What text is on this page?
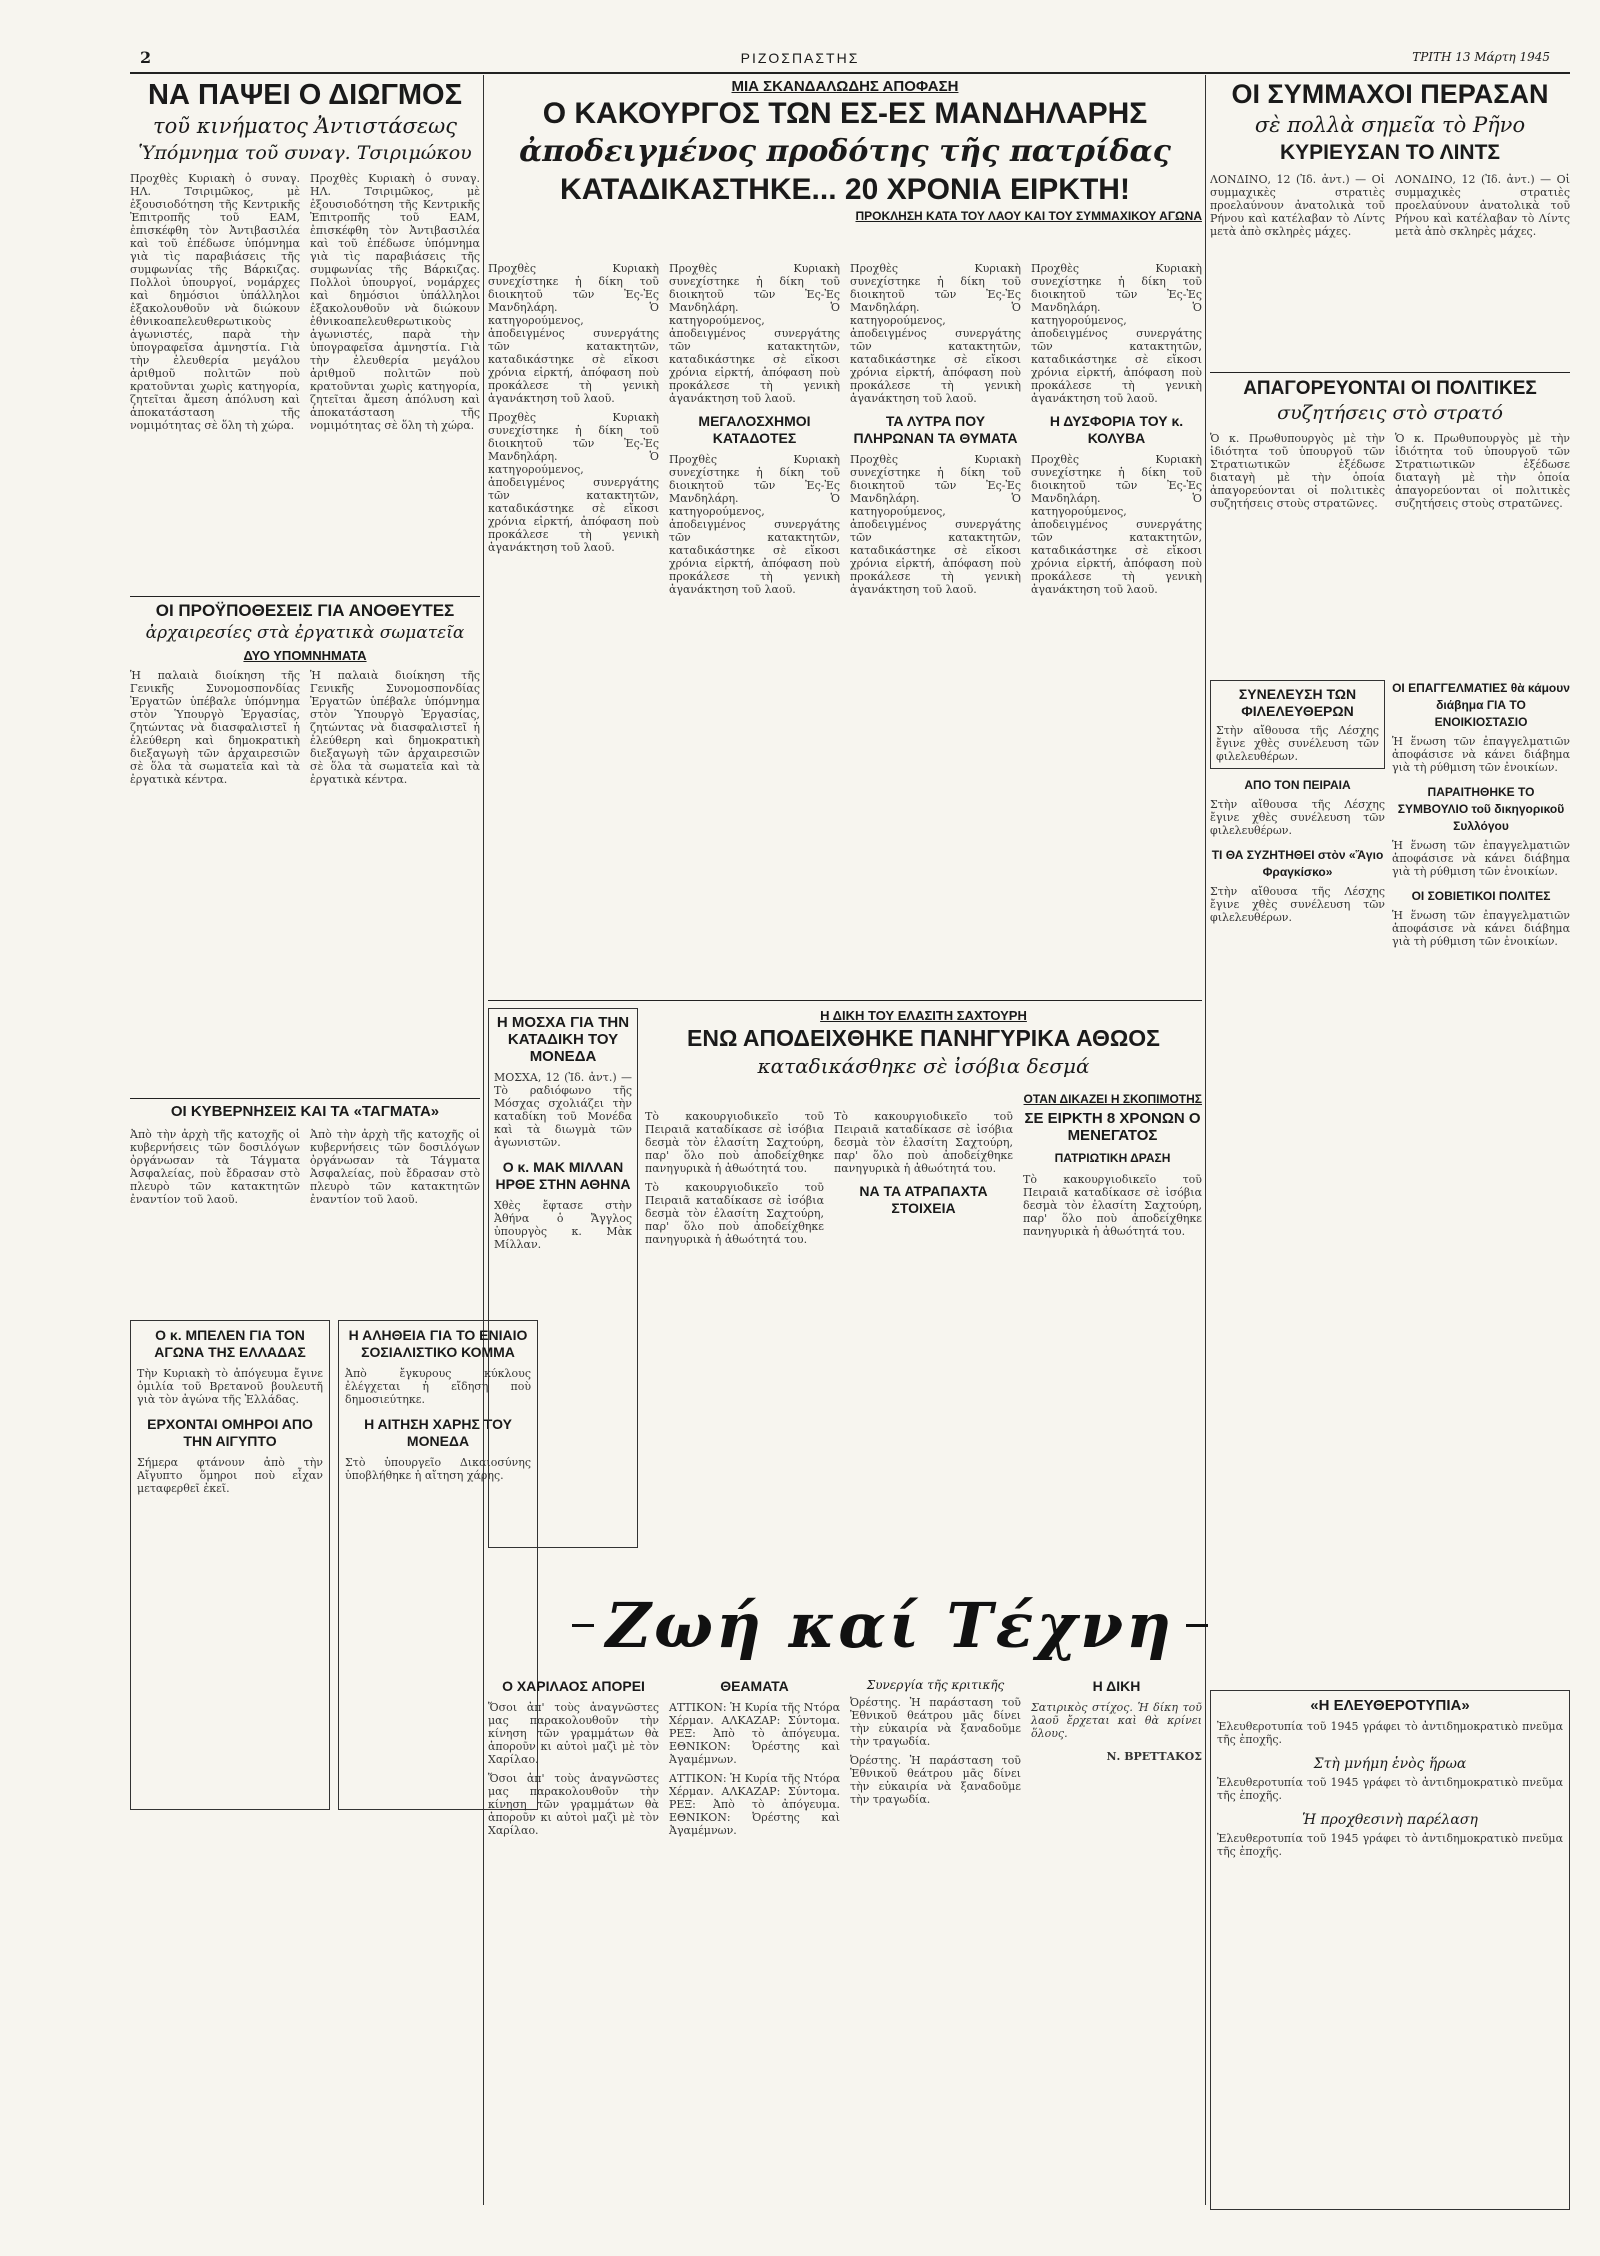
2	ΡΙΖΟΣΠΑΣΤΗΣ	ΤΡΙΤΗ 13 Μάρτη 1945

ΝΑ ΠΑΨΕΙ Ο ΔΙΩΓΜΟΣ

τοῦ κινήματος Ἀντιστάσεως

Ὑπόμνημα τοῦ συναγ. Τσιριμώκου

Προχθὲς Κυριακὴ ὁ συναγ. ΗΛ. Τσιριμῶκος, μὲ ἐξουσιοδότηση τῆς Κεντρικῆς Ἐπιτροπῆς τοῦ ΕΑΜ, ἐπισκέφθη τὸν Ἀντιβασιλέα καὶ τοῦ ἐπέδωσε ὑπόμνημα γιὰ τὶς παραβιάσεις τῆς συμφωνίας τῆς Βάρκιζας. Πολλοὶ ὑπουργοί, νομάρχες καὶ δημόσιοι ὑπάλληλοι ἐξακολουθοῦν νὰ διώκουν ἐθνικοαπελευθερωτικοὺς ἀγωνιστές, παρὰ τὴν ὑπογραφεῖσα ἀμνηστία. Γιὰ τὴν ἐλευθερία μεγάλου ἀριθμοῦ πολιτῶν ποὺ κρατοῦνται χωρὶς κατηγορία, ζητεῖται ἄμεση ἀπόλυση καὶ ἀποκατάσταση τῆς νομιμότητας σὲ ὅλη τὴ χώρα.

Προχθὲς Κυριακὴ ὁ συναγ. ΗΛ. Τσιριμῶκος, μὲ ἐξουσιοδότηση τῆς Κεντρικῆς Ἐπιτροπῆς τοῦ ΕΑΜ, ἐπισκέφθη τὸν Ἀντιβασιλέα καὶ τοῦ ἐπέδωσε ὑπόμνημα γιὰ τὶς παραβιάσεις τῆς συμφωνίας τῆς Βάρκιζας. Πολλοὶ ὑπουργοί, νομάρχες καὶ δημόσιοι ὑπάλληλοι ἐξακολουθοῦν νὰ διώκουν ἐθνικοαπελευθερωτικοὺς ἀγωνιστές, παρὰ τὴν ὑπογραφεῖσα ἀμνηστία. Γιὰ τὴν ἐλευθερία μεγάλου ἀριθμοῦ πολιτῶν ποὺ κρατοῦνται χωρὶς κατηγορία, ζητεῖται ἄμεση ἀπόλυση καὶ ἀποκατάσταση τῆς νομιμότητας σὲ ὅλη τὴ χώρα.

ΟΙ ΠΡΟΫΠΟΘΕΣΕΙΣ ΓΙΑ ΑΝΟΘΕΥΤΕΣ

ἀρχαιρεσίες στὰ ἐργατικὰ σωματεῖα

ΔΥΟ ΥΠΟΜΝΗΜΑΤΑ

Ἡ παλαιὰ διοίκηση τῆς Γενικῆς Συνομοσπονδίας Ἐργατῶν ὑπέβαλε ὑπόμνημα στὸν Ὑπουργὸ Ἐργασίας, ζητώντας νὰ διασφαλιστεῖ ἡ ἐλεύθερη καὶ δημοκρατικὴ διεξαγωγὴ τῶν ἀρχαιρεσιῶν σὲ ὅλα τὰ σωματεῖα καὶ τὰ ἐργατικὰ κέντρα.

Ἡ παλαιὰ διοίκηση τῆς Γενικῆς Συνομοσπονδίας Ἐργατῶν ὑπέβαλε ὑπόμνημα στὸν Ὑπουργὸ Ἐργασίας, ζητώντας νὰ διασφαλιστεῖ ἡ ἐλεύθερη καὶ δημοκρατικὴ διεξαγωγὴ τῶν ἀρχαιρεσιῶν σὲ ὅλα τὰ σωματεῖα καὶ τὰ ἐργατικὰ κέντρα.

ΟΙ ΚΥΒΕΡΝΗΣΕΙΣ ΚΑΙ ΤΑ «ΤΑΓΜΑΤΑ»

Ἀπὸ τὴν ἀρχὴ τῆς κατοχῆς οἱ κυβερνήσεις τῶν δοσιλόγων ὀργάνωσαν τὰ Τάγματα Ἀσφαλείας, ποὺ ἔδρασαν στὸ πλευρὸ τῶν κατακτητῶν ἐναντίον τοῦ λαοῦ.

Ἀπὸ τὴν ἀρχὴ τῆς κατοχῆς οἱ κυβερνήσεις τῶν δοσιλόγων ὀργάνωσαν τὰ Τάγματα Ἀσφαλείας, ποὺ ἔδρασαν στὸ πλευρὸ τῶν κατακτητῶν ἐναντίον τοῦ λαοῦ.

Ο κ. ΜΠΕΛΕΝ ΓΙΑ ΤΟΝ ΑΓΩΝΑ ΤΗΣ ΕΛΛΑΔΑΣ

Τὴν Κυριακὴ τὸ ἀπόγευμα ἔγινε ὁμιλία τοῦ Βρετανοῦ βουλευτῆ γιὰ τὸν ἀγώνα τῆς Ἑλλάδας.

ΕΡΧΟΝΤΑΙ ΟΜΗΡΟΙ ΑΠΟ ΤΗΝ ΑΙΓΥΠΤΟ

Σήμερα φτάνουν ἀπὸ τὴν Αἴγυπτο ὅμηροι ποὺ εἶχαν μεταφερθεῖ ἐκεῖ.

Η ΑΛΗΘΕΙΑ ΓΙΑ ΤΟ ΕΝΙΑΙΟ ΣΟΣΙΑΛΙΣΤΙΚΟ ΚΟΜΜΑ

Ἀπὸ ἔγκυρους κύκλους ἐλέγχεται ἡ εἴδηση ποὺ δημοσιεύτηκε.

Η ΑΙΤΗΣΗ ΧΑΡΗΣ ΤΟΥ ΜΟΝΕΔΑ

Στὸ ὑπουργεῖο Δικαιοσύνης ὑποβλήθηκε ἡ αἴτηση χάρης.

ΜΙΑ ΣΚΑΝΔΑΛΩΔΗΣ ΑΠΟΦΑΣΗ

Ο ΚΑΚΟΥΡΓΟΣ ΤΩΝ ΕΣ-ΕΣ ΜΑΝΔΗΛΑΡΗΣ

ἀποδειγμένος προδότης τῆς πατρίδας

ΚΑΤΑΔΙΚΑΣΤΗΚΕ... 20 ΧΡΟΝΙΑ ΕΙΡΚΤΗ!

ΠΡΟΚΛΗΣΗ ΚΑΤΑ ΤΟΥ ΛΑΟΥ ΚΑΙ ΤΟΥ ΣΥΜΜΑΧΙΚΟΥ ΑΓΩΝΑ

Προχθὲς Κυριακὴ συνεχίστηκε ἡ δίκη τοῦ διοικητοῦ τῶν Ἐς-Ἐς Μανδηλάρη. Ὁ κατηγορούμενος, ἀποδειγμένος συνεργάτης τῶν κατακτητῶν, καταδικάστηκε σὲ εἴκοσι χρόνια εἱρκτή, ἀπόφαση ποὺ προκάλεσε τὴ γενικὴ ἀγανάκτηση τοῦ λαοῦ.

Προχθὲς Κυριακὴ συνεχίστηκε ἡ δίκη τοῦ διοικητοῦ τῶν Ἐς-Ἐς Μανδηλάρη. Ὁ κατηγορούμενος, ἀποδειγμένος συνεργάτης τῶν κατακτητῶν, καταδικάστηκε σὲ εἴκοσι χρόνια εἱρκτή, ἀπόφαση ποὺ προκάλεσε τὴ γενικὴ ἀγανάκτηση τοῦ λαοῦ.

Προχθὲς Κυριακὴ συνεχίστηκε ἡ δίκη τοῦ διοικητοῦ τῶν Ἐς-Ἐς Μανδηλάρη. Ὁ κατηγορούμενος, ἀποδειγμένος συνεργάτης τῶν κατακτητῶν, καταδικάστηκε σὲ εἴκοσι χρόνια εἱρκτή, ἀπόφαση ποὺ προκάλεσε τὴ γενικὴ ἀγανάκτηση τοῦ λαοῦ.

ΜΕΓΑΛΟΣΧΗΜΟΙ ΚΑΤΑΔΟΤΕΣ

Προχθὲς Κυριακὴ συνεχίστηκε ἡ δίκη τοῦ διοικητοῦ τῶν Ἐς-Ἐς Μανδηλάρη. Ὁ κατηγορούμενος, ἀποδειγμένος συνεργάτης τῶν κατακτητῶν, καταδικάστηκε σὲ εἴκοσι χρόνια εἱρκτή, ἀπόφαση ποὺ προκάλεσε τὴ γενικὴ ἀγανάκτηση τοῦ λαοῦ.

Προχθὲς Κυριακὴ συνεχίστηκε ἡ δίκη τοῦ διοικητοῦ τῶν Ἐς-Ἐς Μανδηλάρη. Ὁ κατηγορούμενος, ἀποδειγμένος συνεργάτης τῶν κατακτητῶν, καταδικάστηκε σὲ εἴκοσι χρόνια εἱρκτή, ἀπόφαση ποὺ προκάλεσε τὴ γενικὴ ἀγανάκτηση τοῦ λαοῦ.

ΤΑ ΛΥΤΡΑ ΠΟΥ ΠΛΗΡΩΝΑΝ ΤΑ ΘΥΜΑΤΑ

Προχθὲς Κυριακὴ συνεχίστηκε ἡ δίκη τοῦ διοικητοῦ τῶν Ἐς-Ἐς Μανδηλάρη. Ὁ κατηγορούμενος, ἀποδειγμένος συνεργάτης τῶν κατακτητῶν, καταδικάστηκε σὲ εἴκοσι χρόνια εἱρκτή, ἀπόφαση ποὺ προκάλεσε τὴ γενικὴ ἀγανάκτηση τοῦ λαοῦ.

Προχθὲς Κυριακὴ συνεχίστηκε ἡ δίκη τοῦ διοικητοῦ τῶν Ἐς-Ἐς Μανδηλάρη. Ὁ κατηγορούμενος, ἀποδειγμένος συνεργάτης τῶν κατακτητῶν, καταδικάστηκε σὲ εἴκοσι χρόνια εἱρκτή, ἀπόφαση ποὺ προκάλεσε τὴ γενικὴ ἀγανάκτηση τοῦ λαοῦ.

Η ΔΥΣΦΟΡΙΑ ΤΟΥ κ. ΚΟΛΥΒΑ

Προχθὲς Κυριακὴ συνεχίστηκε ἡ δίκη τοῦ διοικητοῦ τῶν Ἐς-Ἐς Μανδηλάρη. Ὁ κατηγορούμενος, ἀποδειγμένος συνεργάτης τῶν κατακτητῶν, καταδικάστηκε σὲ εἴκοσι χρόνια εἱρκτή, ἀπόφαση ποὺ προκάλεσε τὴ γενικὴ ἀγανάκτηση τοῦ λαοῦ.

Η ΜΟΣΧΑ ΓΙΑ ΤΗΝ ΚΑΤΑΔΙΚΗ ΤΟΥ ΜΟΝΕΔΑ

ΜΟΣΧΑ, 12 (Ἰδ. ἀντ.) — Τὸ ραδιόφωνο τῆς Μόσχας σχολιάζει τὴν καταδίκη τοῦ Μονέδα καὶ τὰ διωγμὰ τῶν ἀγωνιστῶν.

Ο κ. ΜΑΚ ΜΙΛΛΑΝ ΗΡΘΕ ΣΤΗΝ ΑΘΗΝΑ

Χθὲς ἔφτασε στὴν Ἀθήνα ὁ Ἄγγλος ὑπουργὸς κ. Μὰκ Μίλλαν.

Η ΔΙΚΗ ΤΟΥ ΕΛΑΣΙΤΗ ΣΑΧΤΟΥΡΗ

ΕΝΩ ΑΠΟΔΕΙΧΘΗΚΕ ΠΑΝΗΓΥΡΙΚΑ ΑΘΩΟΣ

καταδικάσθηκε σὲ ἰσόβια δεσμά

ΟΤΑΝ ΔΙΚΑΖΕΙ Η ΣΚΟΠΙΜΟΤΗΣ

Τὸ κακουργιοδικεῖο τοῦ Πειραιᾶ καταδίκασε σὲ ἰσόβια δεσμὰ τὸν ἐλασίτη Σαχτούρη, παρ' ὅλο ποὺ ἀποδείχθηκε πανηγυρικὰ ἡ ἀθωότητά του.

Τὸ κακουργιοδικεῖο τοῦ Πειραιᾶ καταδίκασε σὲ ἰσόβια δεσμὰ τὸν ἐλασίτη Σαχτούρη, παρ' ὅλο ποὺ ἀποδείχθηκε πανηγυρικὰ ἡ ἀθωότητά του.

Τὸ κακουργιοδικεῖο τοῦ Πειραιᾶ καταδίκασε σὲ ἰσόβια δεσμὰ τὸν ἐλασίτη Σαχτούρη, παρ' ὅλο ποὺ ἀποδείχθηκε πανηγυρικὰ ἡ ἀθωότητά του.

ΝΑ ΤΑ ΑΤΡΑΠΑΧΤΑ ΣΤΟΙΧΕΙΑ

ΣΕ ΕΙΡΚΤΗ 8 ΧΡΟΝΩΝ Ο ΜΕΝΕΓΑΤΟΣ

ΠΑΤΡΙΩΤΙΚΗ ΔΡΑΣΗ

Τὸ κακουργιοδικεῖο τοῦ Πειραιᾶ καταδίκασε σὲ ἰσόβια δεσμὰ τὸν ἐλασίτη Σαχτούρη, παρ' ὅλο ποὺ ἀποδείχθηκε πανηγυρικὰ ἡ ἀθωότητά του.

Ζωή καί Τέχνη

Ο ΧΑΡΙΛΑΟΣ ΑΠΟΡΕΙ

Ὅσοι ἀπ' τοὺς ἀναγνῶστες μας παρακολουθοῦν τὴν κίνηση τῶν γραμμάτων θὰ ἀποροῦν κι αὐτοὶ μαζὶ μὲ τὸν Χαρίλαο.

Ὅσοι ἀπ' τοὺς ἀναγνῶστες μας παρακολουθοῦν τὴν κίνηση τῶν γραμμάτων θὰ ἀποροῦν κι αὐτοὶ μαζὶ μὲ τὸν Χαρίλαο.

ΘΕΑΜΑΤΑ

ΑΤΤΙΚΟΝ: Ἡ Κυρία τῆς Ντόρα Χέρμαν. ΑΛΚΑΖΑΡ: Σύντομα. ΡΕΞ: Ἀπὸ τὸ ἀπόγευμα. ΕΘΝΙΚΟΝ: Ὀρέστης καὶ Ἀγαμέμνων.

ΑΤΤΙΚΟΝ: Ἡ Κυρία τῆς Ντόρα Χέρμαν. ΑΛΚΑΖΑΡ: Σύντομα. ΡΕΞ: Ἀπὸ τὸ ἀπόγευμα. ΕΘΝΙΚΟΝ: Ὀρέστης καὶ Ἀγαμέμνων.

Συνεργία τῆς κριτικῆς

Ὀρέστης. Ἡ παράσταση τοῦ Ἐθνικοῦ θεάτρου μᾶς δίνει τὴν εὐκαιρία νὰ ξαναδοῦμε τὴν τραγωδία.

Ὀρέστης. Ἡ παράσταση τοῦ Ἐθνικοῦ θεάτρου μᾶς δίνει τὴν εὐκαιρία νὰ ξαναδοῦμε τὴν τραγωδία.

Η ΔΙΚΗ

Σατιρικὸς στίχος. Ἡ δίκη τοῦ λαοῦ ἔρχεται καὶ θὰ κρίνει ὅλους.

Ν. ΒΡΕΤΤΑΚΟΣ

ΟΙ ΣΥΜΜΑΧΟΙ ΠΕΡΑΣΑΝ

σὲ πολλὰ σημεῖα τὸ Ρῆνο

ΚΥΡΙΕΥΣΑΝ ΤΟ ΛΙΝΤΣ

ΛΟΝΔΙΝΟ, 12 (Ἰδ. ἀντ.) — Οἱ συμμαχικὲς στρατιὲς προελαύνουν ἀνατολικὰ τοῦ Ρήνου καὶ κατέλαβαν τὸ Λίντς μετὰ ἀπὸ σκληρὲς μάχες.

ΛΟΝΔΙΝΟ, 12 (Ἰδ. ἀντ.) — Οἱ συμμαχικὲς στρατιὲς προελαύνουν ἀνατολικὰ τοῦ Ρήνου καὶ κατέλαβαν τὸ Λίντς μετὰ ἀπὸ σκληρὲς μάχες.

ΑΠΑΓΟΡΕΥΟΝΤΑΙ ΟΙ ΠΟΛΙΤΙΚΕΣ

συζητήσεις στὸ στρατό

Ὁ κ. Πρωθυπουργὸς μὲ τὴν ἰδιότητα τοῦ ὑπουργοῦ τῶν Στρατιωτικῶν ἐξέδωσε διαταγὴ μὲ τὴν ὁποία ἀπαγορεύονται οἱ πολιτικὲς συζητήσεις στοὺς στρατῶνες.

Ὁ κ. Πρωθυπουργὸς μὲ τὴν ἰδιότητα τοῦ ὑπουργοῦ τῶν Στρατιωτικῶν ἐξέδωσε διαταγὴ μὲ τὴν ὁποία ἀπαγορεύονται οἱ πολιτικὲς συζητήσεις στοὺς στρατῶνες.

ΣΥΝΕΛΕΥΣΗ ΤΩΝ ΦΙΛΕΛΕΥΘΕΡΩΝ

Στὴν αἴθουσα τῆς Λέσχης ἔγινε χθὲς συνέλευση τῶν φιλελευθέρων.

ΑΠΟ ΤΟΝ ΠΕΙΡΑΙΑ

Στὴν αἴθουσα τῆς Λέσχης ἔγινε χθὲς συνέλευση τῶν φιλελευθέρων.

ΤΙ ΘΑ ΣΥΖΗΤΗΘΕΙ στὸν «Ἅγιο Φραγκίσκο»

Στὴν αἴθουσα τῆς Λέσχης ἔγινε χθὲς συνέλευση τῶν φιλελευθέρων.

ΟΙ ΕΠΑΓΓΕΛΜΑΤΙΕΣ θὰ κάμουν διάβημα ΓΙΑ ΤΟ ΕΝΟΙΚΙΟΣΤΑΣΙΟ

Ἡ ἕνωση τῶν ἐπαγγελματιῶν ἀποφάσισε νὰ κάνει διάβημα γιὰ τὴ ρύθμιση τῶν ἐνοικίων.

ΠΑΡΑΙΤΗΘΗΚΕ ΤΟ ΣΥΜΒΟΥΛΙΟ τοῦ δικηγορικοῦ Συλλόγου

Ἡ ἕνωση τῶν ἐπαγγελματιῶν ἀποφάσισε νὰ κάνει διάβημα γιὰ τὴ ρύθμιση τῶν ἐνοικίων.

ΟΙ ΣΟΒΙΕΤΙΚΟΙ ΠΟΛΙΤΕΣ

Ἡ ἕνωση τῶν ἐπαγγελματιῶν ἀποφάσισε νὰ κάνει διάβημα γιὰ τὴ ρύθμιση τῶν ἐνοικίων.

«Η ΕΛΕΥΘΕΡΟΤΥΠΙΑ»

Ἐλευθεροτυπία τοῦ 1945 γράφει τὸ ἀντιδημοκρατικὸ πνεῦμα τῆς ἐποχῆς.

Στὴ μνήμη ἑνὸς ἥρωα

Ἐλευθεροτυπία τοῦ 1945 γράφει τὸ ἀντιδημοκρατικὸ πνεῦμα τῆς ἐποχῆς.

Ἡ προχθεσινὴ παρέλαση

Ἐλευθεροτυπία τοῦ 1945 γράφει τὸ ἀντιδημοκρατικὸ πνεῦμα τῆς ἐποχῆς.
